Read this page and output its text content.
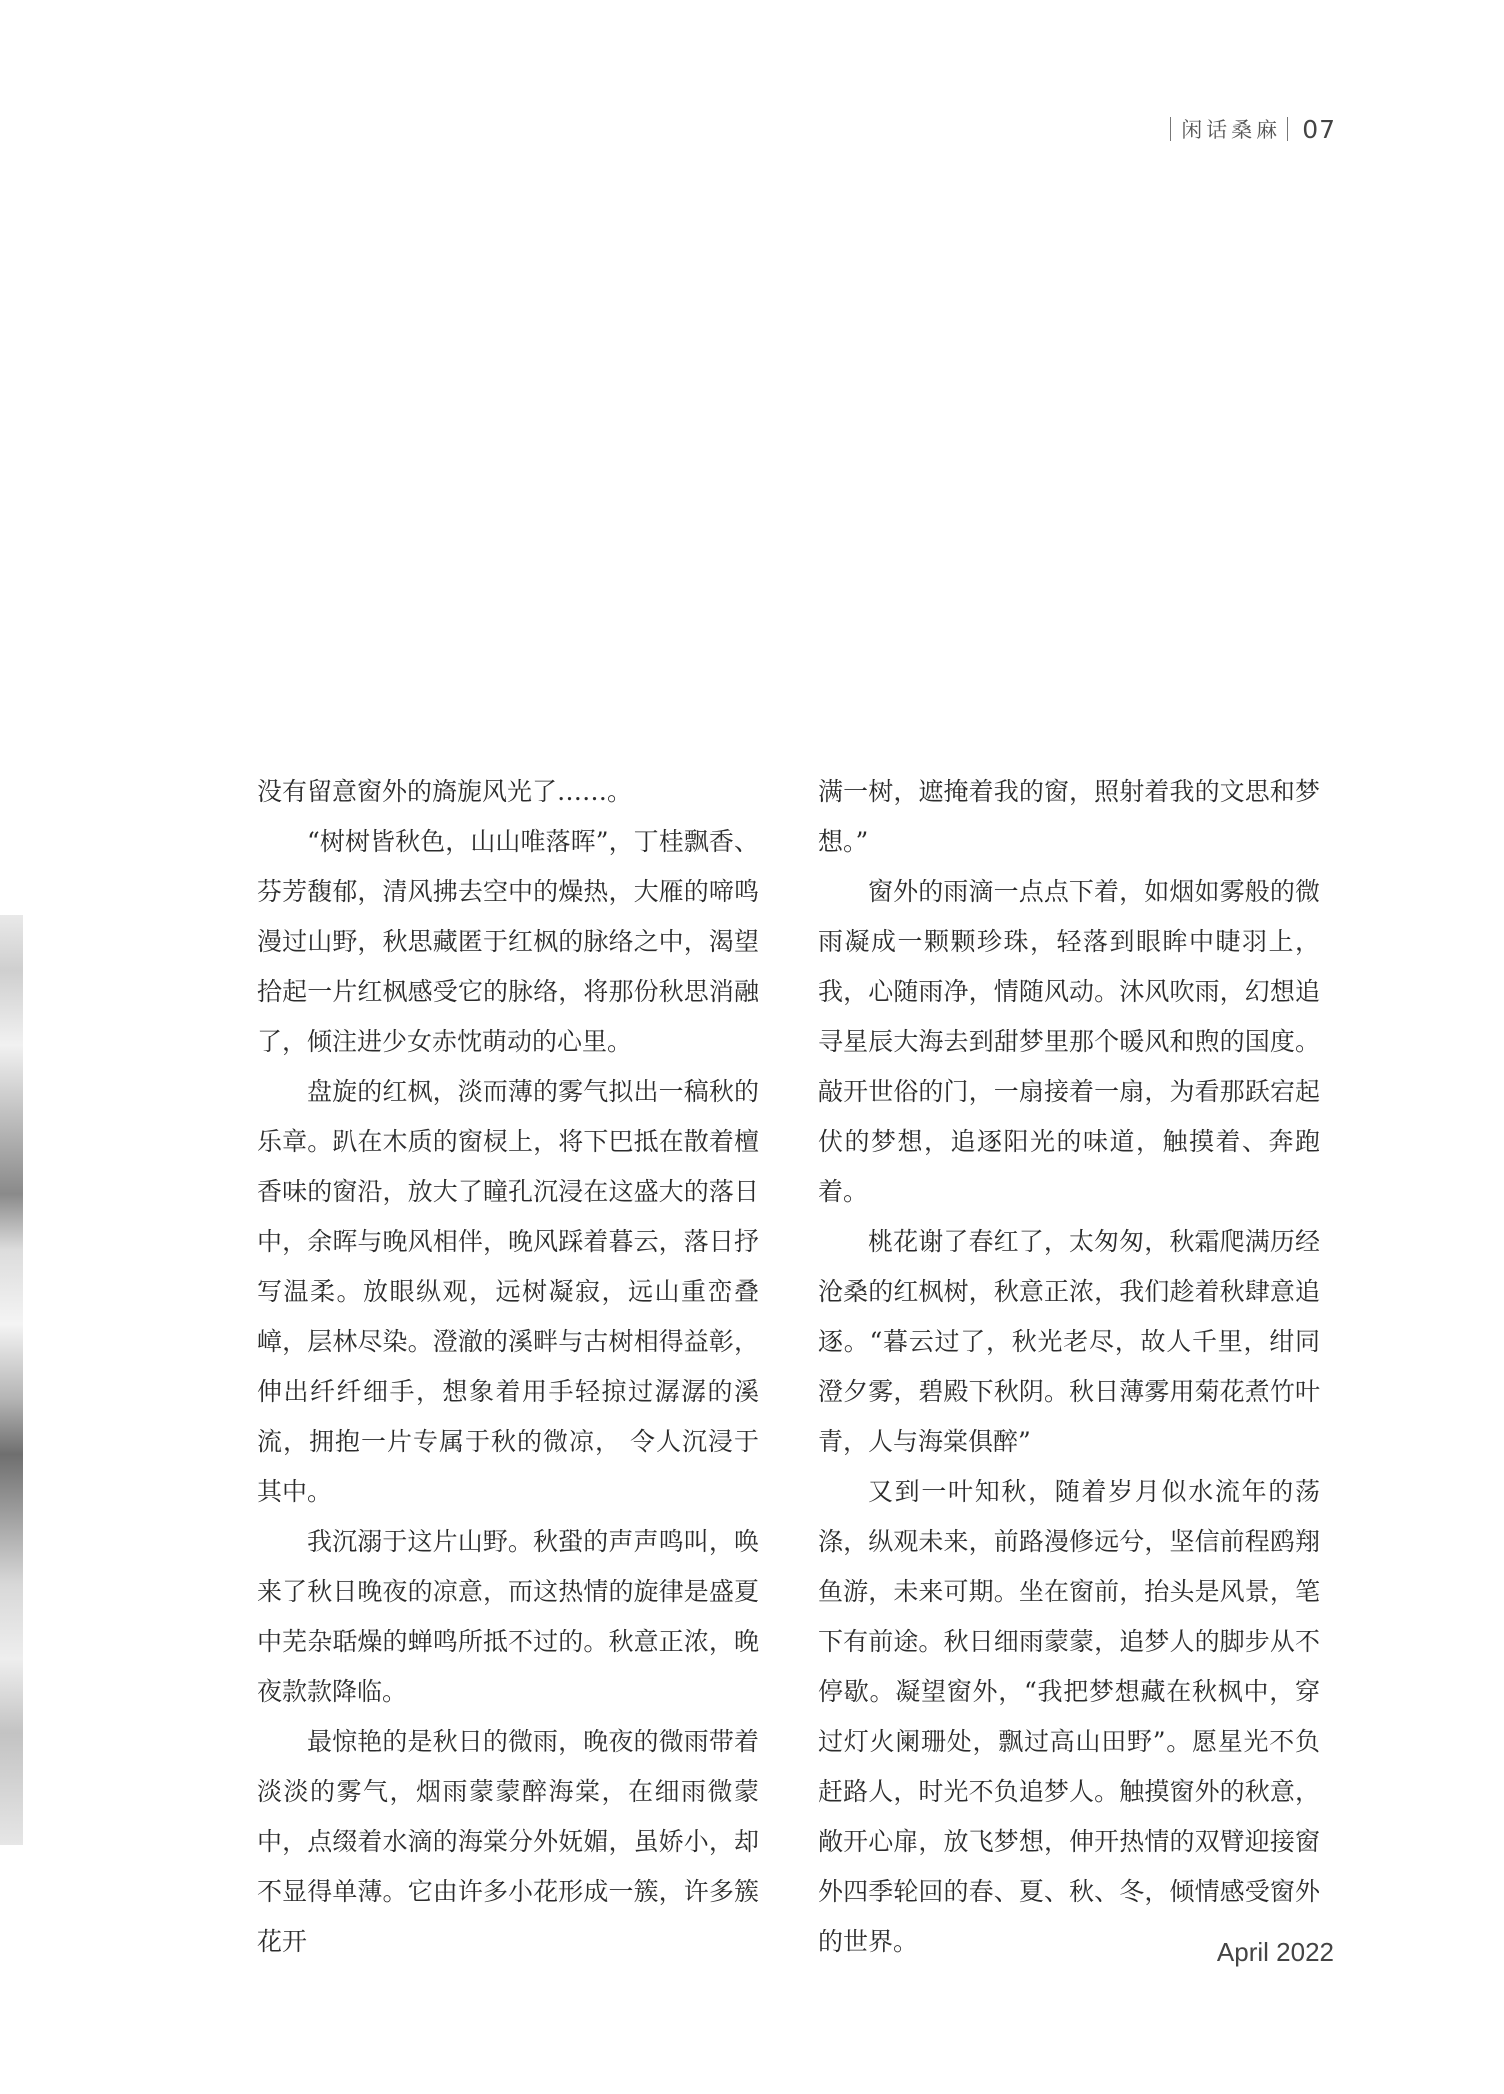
闲话桑麻 07

没有留意窗外的旖旎风光了……。

“树树皆秋色，山山唯落晖”，丁桂飘香、芬芳馥郁，清风拂去空中的燥热，大雁的啼鸣漫过山野，秋思藏匿于红枫的脉络之中，渴望拾起一片红枫感受它的脉络，将那份秋思消融了，倾注进少女赤忱萌动的心里。

盘旋的红枫，淡而薄的雾气拟出一稿秋的乐章。趴在木质的窗棂上，将下巴抵在散着檀香味的窗沿，放大了瞳孔沉浸在这盛大的落日中，余晖与晚风相伴，晚风踩着暮云，落日抒写温柔。放眼纵观，远树凝寂，远山重峦叠嶂，层林尽染。澄澈的溪畔与古树相得益彰，伸出纤纤细手，想象着用手轻掠过潺潺的溪流，拥抱一片专属于秋的微凉， 令人沉浸于其中。

我沉溺于这片山野。秋蛩的声声鸣叫，唤来了秋日晚夜的凉意，而这热情的旋律是盛夏中芜杂聒燥的蝉鸣所抵不过的。秋意正浓，晚夜款款降临。

最惊艳的是秋日的微雨，晚夜的微雨带着淡淡的雾气，烟雨蒙蒙醉海棠，在细雨微蒙中，点缀着水滴的海棠分外妩媚，虽娇小，却不显得单薄。它由许多小花形成一簇，许多簇花开

满一树，遮掩着我的窗，照射着我的文思和梦想。”

窗外的雨滴一点点下着，如烟如雾般的微雨凝成一颗颗珍珠，轻落到眼眸中睫羽上，我，心随雨净，情随风动。沐风吹雨，幻想追寻星辰大海去到甜梦里那个暖风和煦的国度。敲开世俗的门，一扇接着一扇，为看那跃宕起伏的梦想，追逐阳光的味道，触摸着、奔跑着。

桃花谢了春红了，太匆匆，秋霜爬满历经沧桑的红枫树，秋意正浓，我们趁着秋肆意追逐。“暮云过了，秋光老尽，故人千里，绀同澄夕雾，碧殿下秋阴。秋日薄雾用菊花煮竹叶青，人与海棠俱醉”

又到一叶知秋，随着岁月似水流年的荡涤，纵观未来，前路漫修远兮，坚信前程鸥翔鱼游，未来可期。坐在窗前，抬头是风景，笔下有前途。秋日细雨蒙蒙，追梦人的脚步从不停歇。凝望窗外，“我把梦想藏在秋枫中，穿过灯火阑珊处，飘过高山田野”。愿星光不负赶路人，时光不负追梦人。触摸窗外的秋意，敞开心扉，放飞梦想，伸开热情的双臂迎接窗外四季轮回的春、夏、秋、冬，倾情感受窗外的世界。	April 2022
